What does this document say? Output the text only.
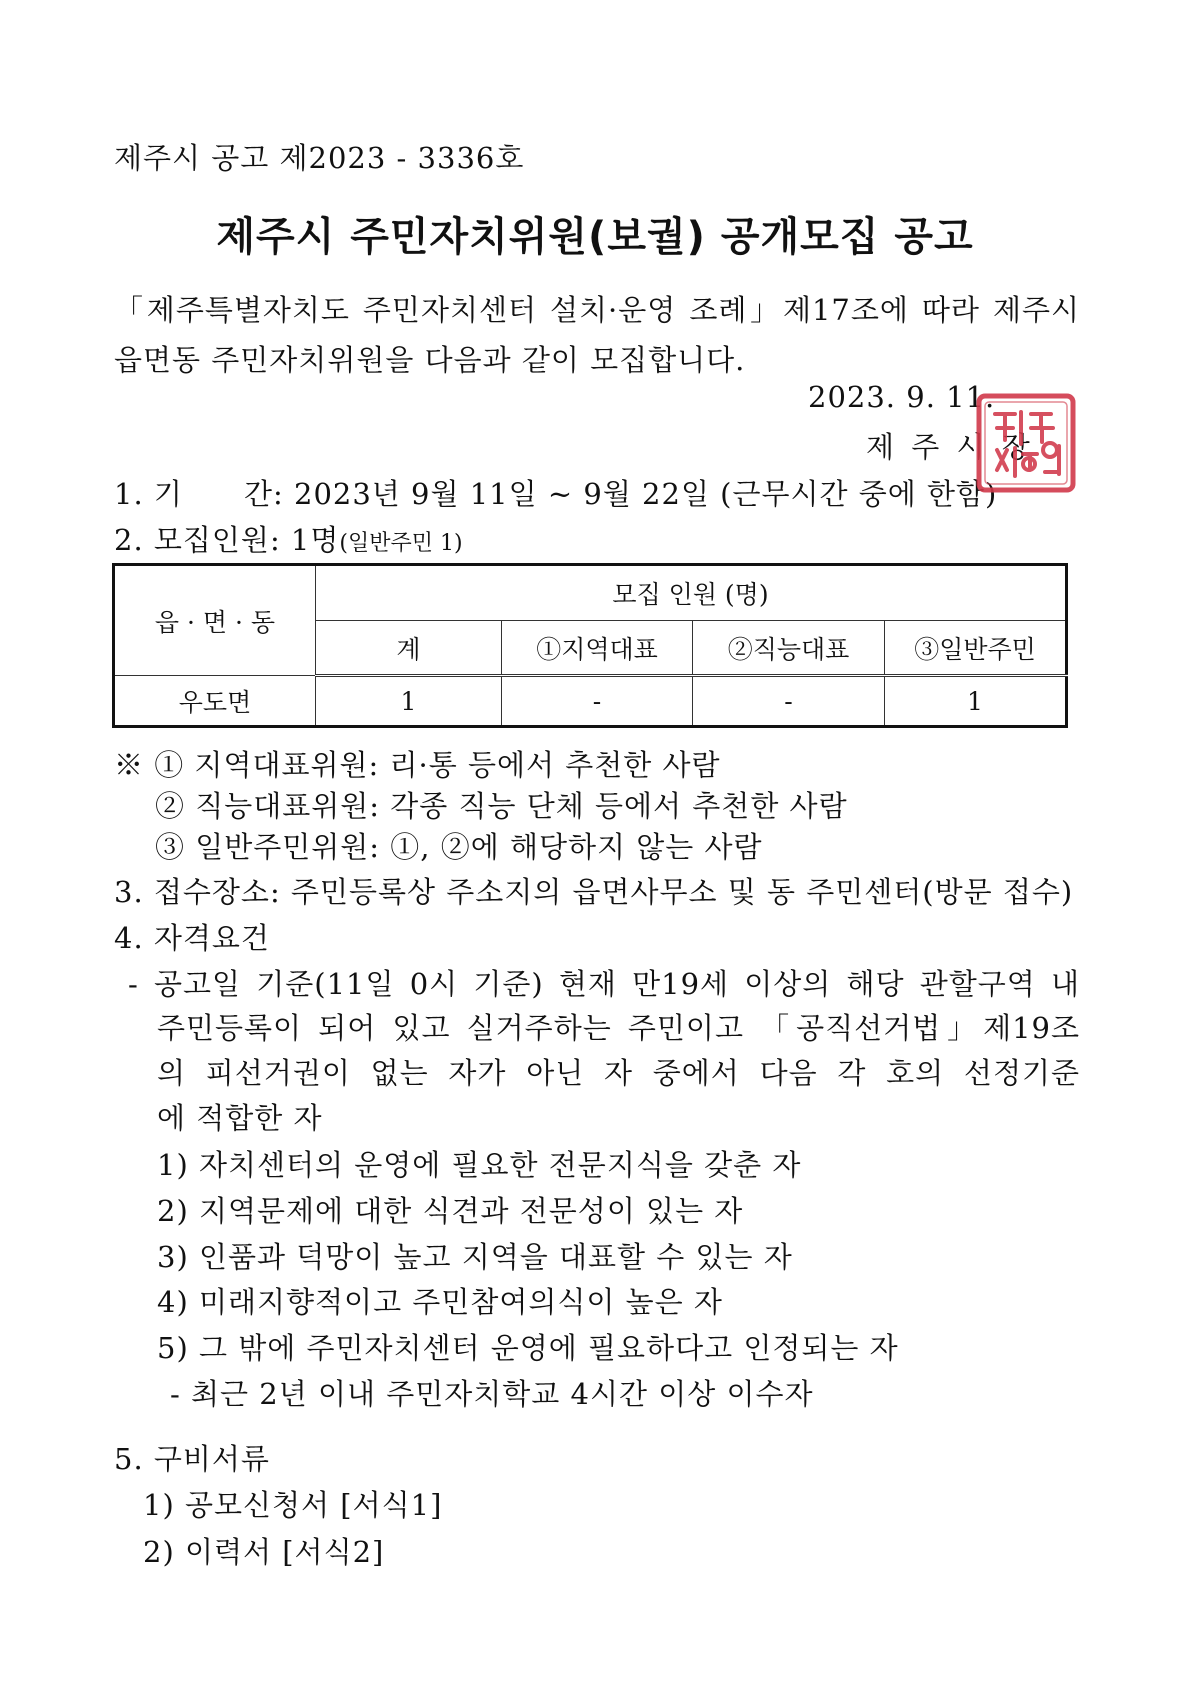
제주시 공고 제2023 - 3336호
제주시 주민자치위원(보궐) 공개모집 공고
「제주특별자치도 주민자치센터 설치·운영 조례」제17조에 따라 제주시
읍면동 주민자치위원을 다음과 같이 모집합니다.
2023. 9. 11.
제 주 시 장
1. 기 간: 2023년 9월 11일 ~ 9월 22일 (근무시간 중에 한함)
2. 모집인원: 1명(일반주민 1)
읍 · 면 · 동	모집 인원 (명)			
	계	①지역대표	②직능대표	③일반주민
우도면	1	-	-	1
※ ① 지역대표위원: 리·통 등에서 추천한 사람
② 직능대표위원: 각종 직능 단체 등에서 추천한 사람
③ 일반주민위원: ①, ②에 해당하지 않는 사람
3. 접수장소: 주민등록상 주소지의 읍면사무소 및 동 주민센터(방문 접수)
4. 자격요건
- 공고일 기준(11일 0시 기준) 현재 만19세 이상의 해당 관할구역 내
주민등록이 되어 있고 실거주하는 주민이고 「공직선거법」제19조
의 피선거권이 없는 자가 아닌 자 중에서 다음 각 호의 선정기준
에 적합한 자
1) 자치센터의 운영에 필요한 전문지식을 갖춘 자
2) 지역문제에 대한 식견과 전문성이 있는 자
3) 인품과 덕망이 높고 지역을 대표할 수 있는 자
4) 미래지향적이고 주민참여의식이 높은 자
5) 그 밖에 주민자치센터 운영에 필요하다고 인정되는 자
- 최근 2년 이내 주민자치학교 4시간 이상 이수자
5. 구비서류
1) 공모신청서 [서식1]
2) 이력서 [서식2]
